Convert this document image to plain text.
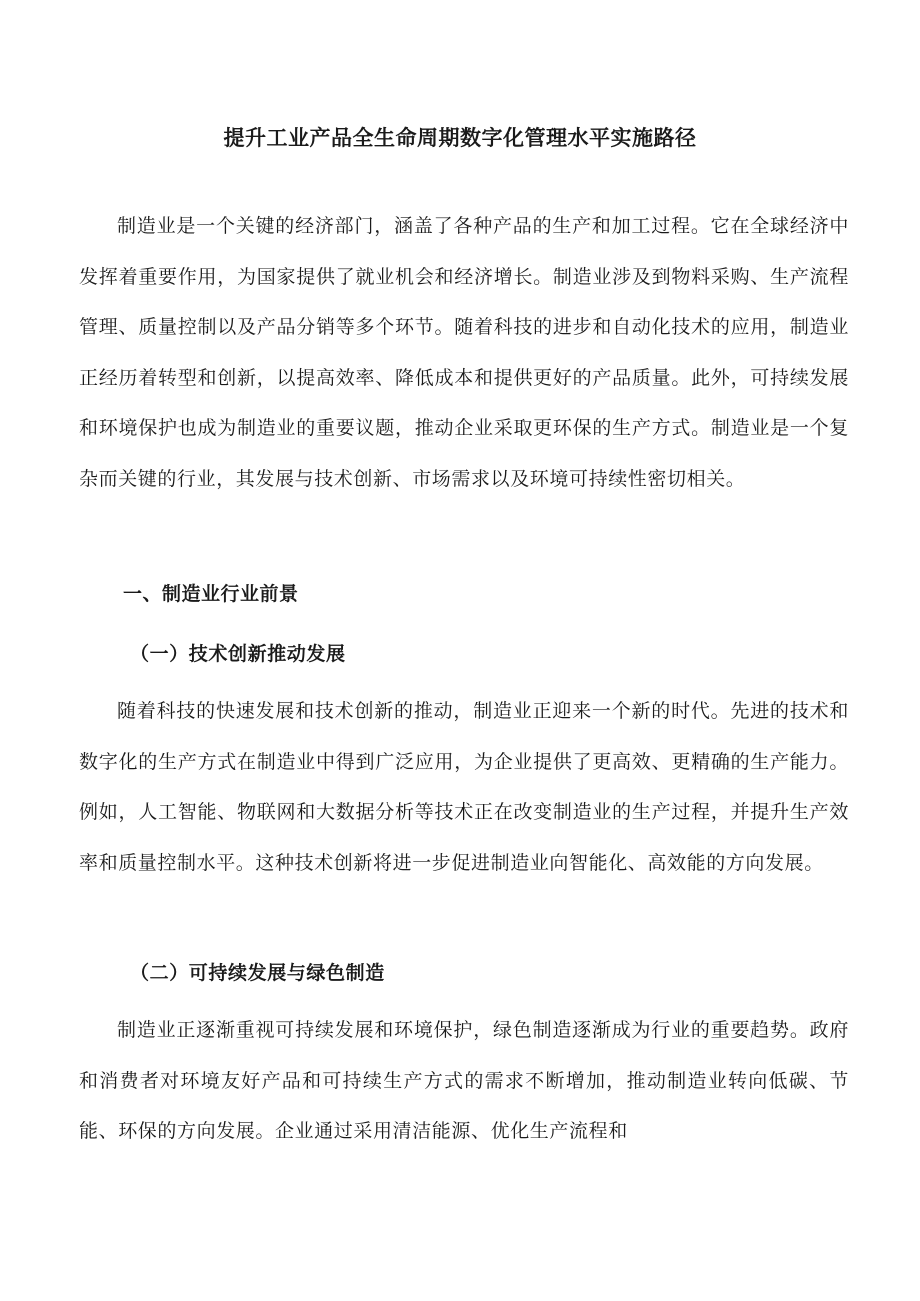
提升工业产品全生命周期数字化管理水平实施路径

制造业是一个关键的经济部门，涵盖了各种产品的生产和加工过程。它在全球经济中发挥着重要作用，为国家提供了就业机会和经济增长。制造业涉及到物料采购、生产流程管理、质量控制以及产品分销等多个环节。随着科技的进步和自动化技术的应用，制造业正经历着转型和创新，以提高效率、降低成本和提供更好的产品质量。此外，可持续发展和环境保护也成为制造业的重要议题，推动企业采取更环保的生产方式。制造业是一个复杂而关键的行业，其发展与技术创新、市场需求以及环境可持续性密切相关。

一、制造业行业前景
（一）技术创新推动发展

随着科技的快速发展和技术创新的推动，制造业正迎来一个新的时代。先进的技术和数字化的生产方式在制造业中得到广泛应用，为企业提供了更高效、更精确的生产能力。例如，人工智能、物联网和大数据分析等技术正在改变制造业的生产过程，并提升生产效率和质量控制水平。这种技术创新将进一步促进制造业向智能化、高效能的方向发展。

（二）可持续发展与绿色制造

制造业正逐渐重视可持续发展和环境保护，绿色制造逐渐成为行业的重要趋势。政府和消费者对环境友好产品和可持续生产方式的需求不断增加，推动制造业转向低碳、节能、环保的方向发展。企业通过采用清洁能源、优化生产流程和
